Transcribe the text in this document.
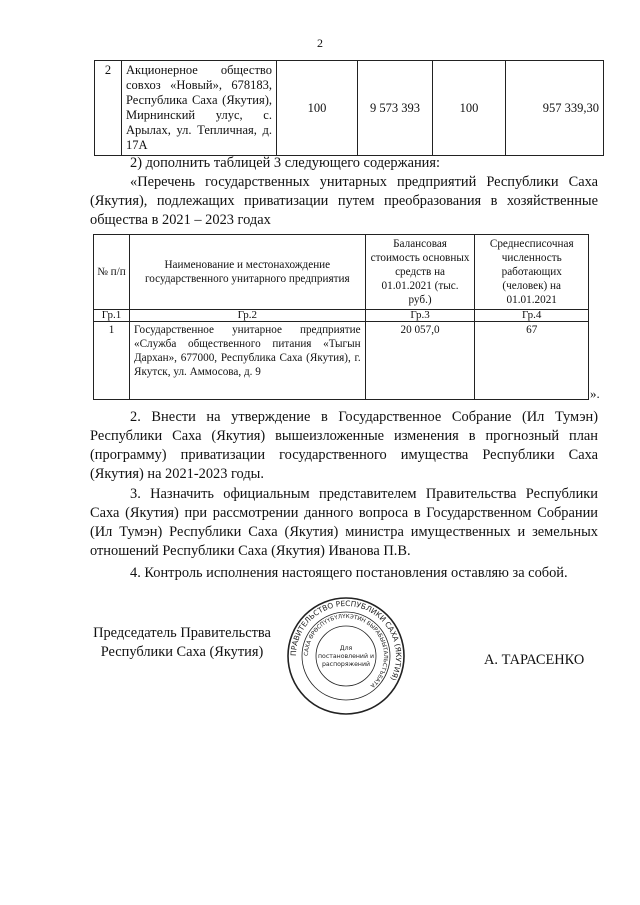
2
2	Акционерное общество совхоз «Новый», 678183, Республика Саха (Якутия), Мирнинский улус, с. Арылах, ул. Тепличная, д. 17А	100	9 573 393	100	957 339,30
2) дополнить таблицей 3 следующего содержания:
«Перечень государственных унитарных предприятий Республики Саха (Якутия), подлежащих приватизации путем преобразования в хозяйственные общества в 2021 – 2023 годах
№ п/п	Наименование и местонахождение государственного унитарного предприятия	Балансовая стоимость основных средств на 01.01.2021 (тыс. руб.)	Среднесписочная численность работающих (человек) на 01.01.2021
Гр.1	Гр.2	Гр.3	Гр.4
1	Государственное унитарное предприятие «Служба общественного питания «Тыгын Дархан», 677000, Республика Саха (Якутия), г. Якутск, ул. Аммосова, д. 9	20 057,0	67
».
2. Внести на утверждение в Государственное Собрание (Ил Тумэн) Республики Саха (Якутия) вышеизложенные изменения в прогнозный план (программу) приватизации государственного имущества Республики Саха (Якутия) на 2021-2023 годы.
3. Назначить официальным представителем Правительства Республики Саха (Якутия) при рассмотрении данного вопроса в Государственном Собрании (Ил Тумэн) Республики Саха (Якутия) министра имущественных и земельных отношений Республики Саха (Якутия) Иванова П.В.
4. Контроль исполнения настоящего постановления оставляю за собой.
Председатель Правительства
Республики Саха (Якутия)	ПРАВИТЕЛЬСТВО РЕСПУБЛИКИ САХА (ЯКУТИЯ)
САХА ӨРӨСПҮҮБҮЛҮКЭТИН БЫРАБЫЫТАЛЬСТЪБАТА
Для
постановлений и
распоряжений	А. ТАРАСЕНКО
